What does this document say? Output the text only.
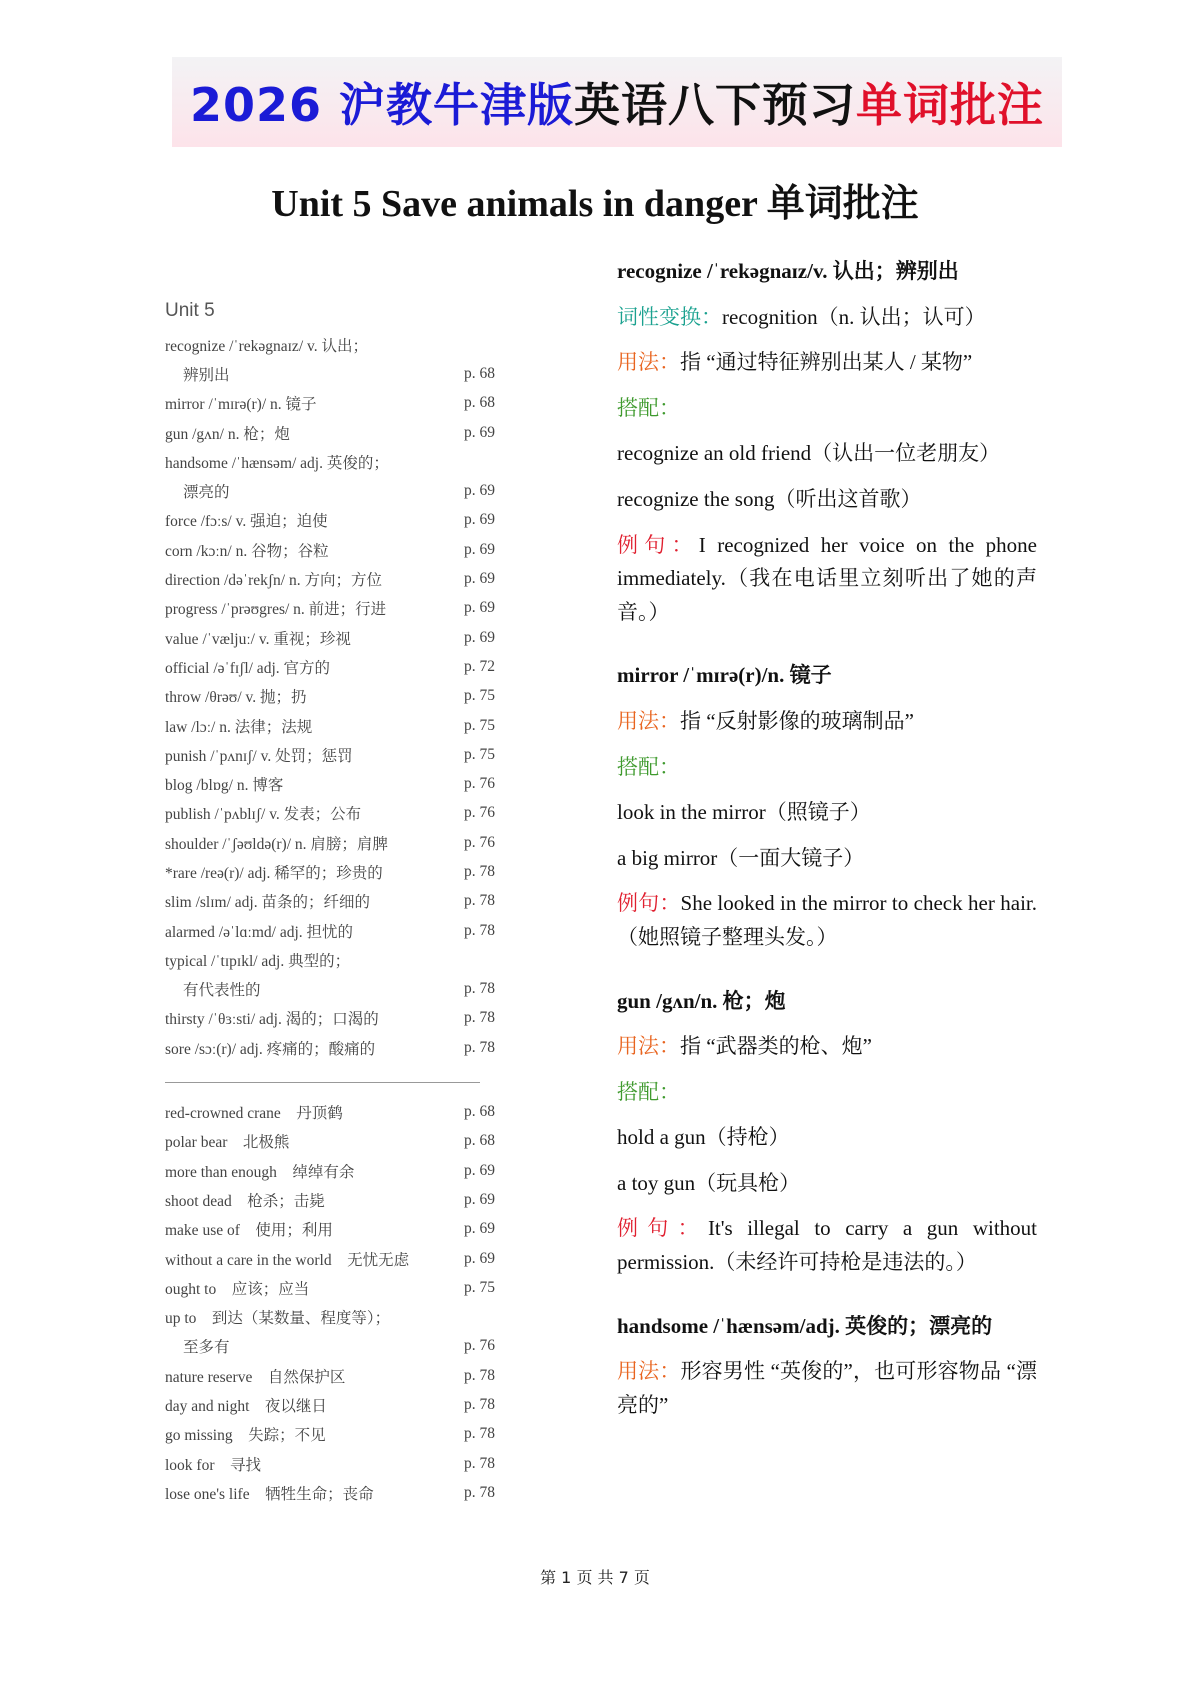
2026 沪教牛津版英语八下预习单词批注
Unit 5 Save animals in danger 单词批注
Unit 5
recognize /ˈrekəgnaɪz/ v. 认出；
辨别出	p. 68
mirror /ˈmɪrə(r)/ n. 镜子	p. 68
gun /gʌn/ n. 枪；炮	p. 69
handsome /ˈhænsəm/ adj. 英俊的；
漂亮的	p. 69
force /fɔːs/ v. 强迫；迫使	p. 69
corn /kɔːn/ n. 谷物；谷粒	p. 69
direction /dəˈrekʃn/ n. 方向；方位	p. 69
progress /ˈprəʊgres/ n. 前进；行进	p. 69
value /ˈvæljuː/ v. 重视；珍视	p. 69
official /əˈfɪʃl/ adj. 官方的	p. 72
throw /θrəʊ/ v. 抛；扔	p. 75
law /lɔː/ n. 法律；法规	p. 75
punish /ˈpʌnɪʃ/ v. 处罚；惩罚	p. 75
blog /blɒg/ n. 博客	p. 76
publish /ˈpʌblɪʃ/ v. 发表；公布	p. 76
shoulder /ˈʃəʊldə(r)/ n. 肩膀；肩脾	p. 76
*rare /reə(r)/ adj. 稀罕的；珍贵的	p. 78
slim /slɪm/ adj. 苗条的；纤细的	p. 78
alarmed /əˈlɑːmd/ adj. 担忧的	p. 78
typical /ˈtɪpɪkl/ adj. 典型的；
有代表性的	p. 78
thirsty /ˈθɜːsti/ adj. 渴的；口渴的	p. 78
sore /sɔː(r)/ adj. 疼痛的；酸痛的	p. 78
red-crowned crane　丹顶鹤	p. 68
polar bear　北极熊	p. 68
more than enough　绰绰有余	p. 69
shoot dead　枪杀；击毙	p. 69
make use of　使用；利用	p. 69
without a care in the world　无忧无虑	p. 69
ought to　应该；应当	p. 75
up to　到达（某数量、程度等）；
至多有	p. 76
nature reserve　自然保护区	p. 78
day and night　夜以继日	p. 78
go missing　失踪；不见	p. 78
look for　寻找	p. 78
lose one's life　牺牲生命；丧命	p. 78
recognize /ˈrekəgnaɪz/v. 认出；辨别出
词性变换：recognition（n. 认出；认可）
用法：指 “通过特征辨别出某人 / 某物”
搭配：
recognize an old friend（认出一位老朋友）
recognize the song（听出这首歌）
例句：I recognized her voice on the phone immediately.（我在电话里立刻听出了她的声音。）
mirror /ˈmɪrə(r)/n. 镜子
用法：指 “反射影像的玻璃制品”
搭配：
look in the mirror（照镜子）
a big mirror（一面大镜子）
例句：She looked in the mirror to check her hair.（她照镜子整理头发。）
gun /gʌn/n. 枪；炮
用法：指 “武器类的枪、炮”
搭配：
hold a gun（持枪）
a toy gun（玩具枪）
例句：It's illegal to carry a gun without permission.（未经许可持枪是违法的。）
handsome /ˈhænsəm/adj. 英俊的；漂亮的
用法：形容男性 “英俊的”，也可形容物品 “漂亮的”
第 1 页 共 7 页
